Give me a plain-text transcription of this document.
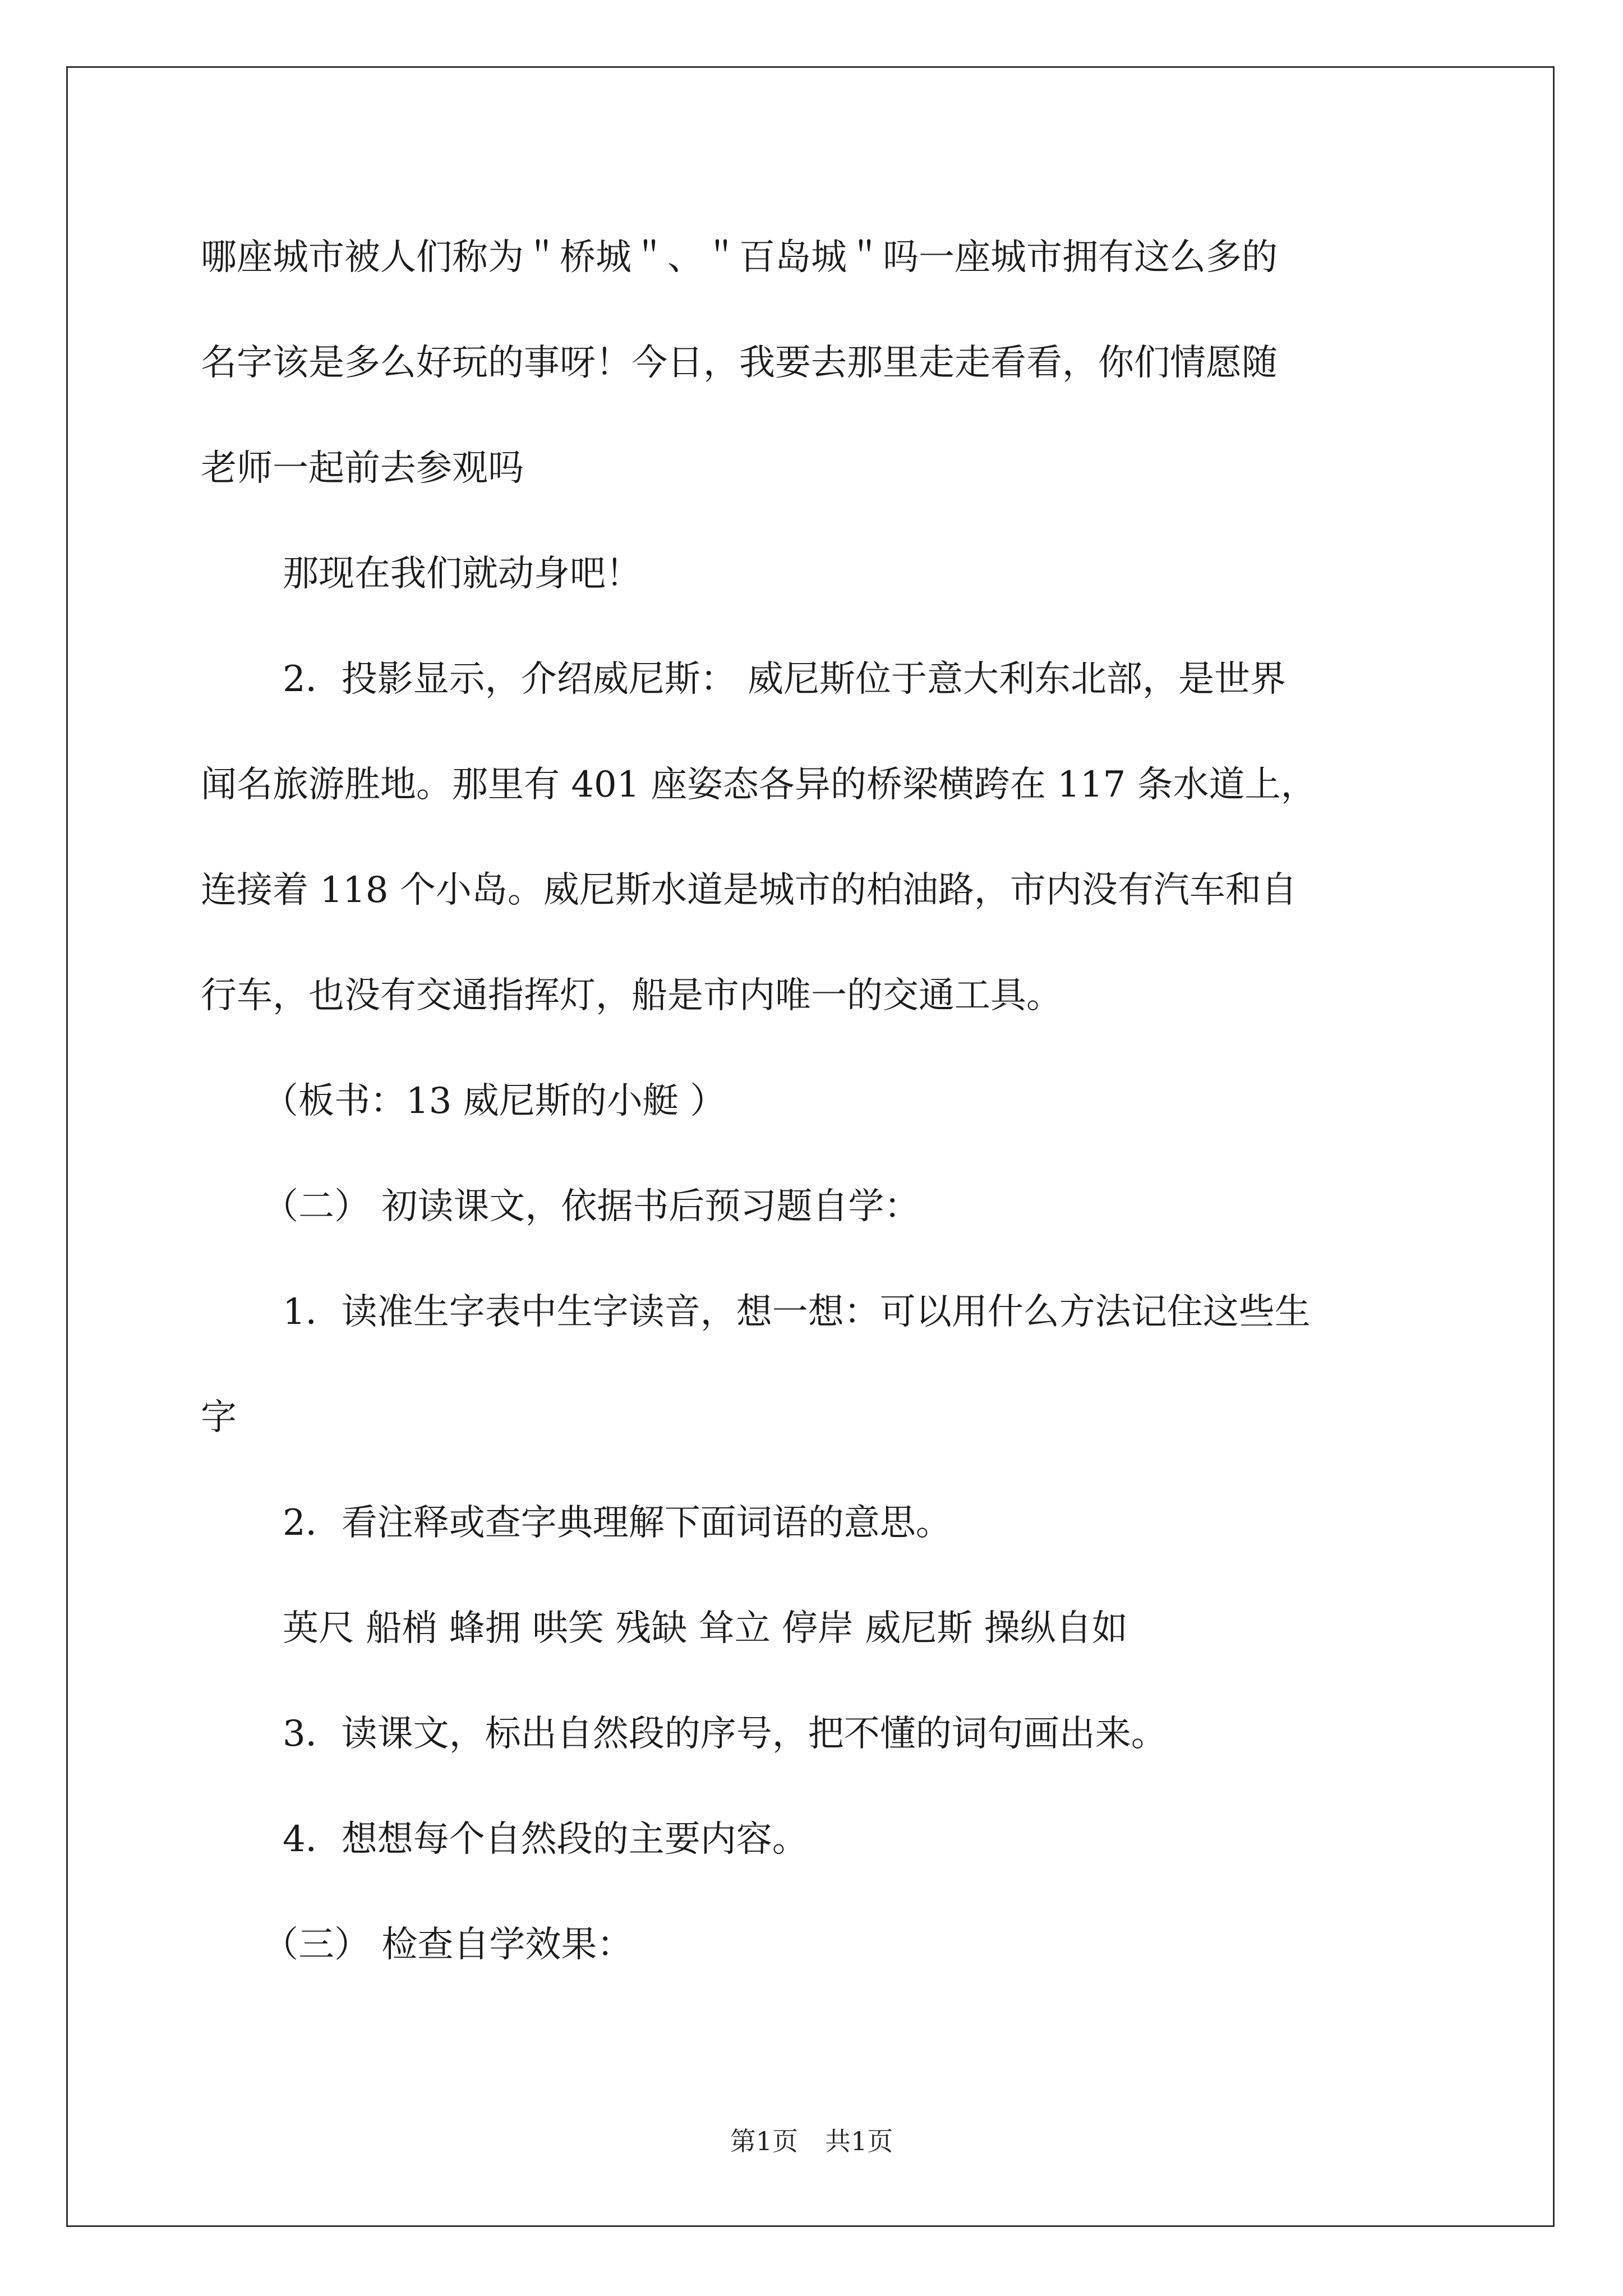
哪座城市被人们称为＂桥城＂、＂百岛城＂吗一座城市拥有这么多的

名字该是多么好玩的事呀！今日，我要去那里走走看看，你们情愿随

老师一起前去参观吗

那现在我们就动身吧！

2．投影显示，介绍威尼斯： 威尼斯位于意大利东北部，是世界

闻名旅游胜地。那里有 401 座姿态各异的桥梁横跨在 117 条水道上，

连接着 118 个小岛。威尼斯水道是城市的柏油路，市内没有汽车和自

行车，也没有交通指挥灯，船是市内唯一的交通工具。

（板书：13 威尼斯的小艇 ）

（二） 初读课文，依据书后预习题自学：

1．读准生字表中生字读音，想一想：可以用什么方法记住这些生

字

2．看注释或查字典理解下面词语的意思。

英尺 船梢 蜂拥 哄笑 残缺 耸立 停岸 威尼斯 操纵自如

3．读课文，标出自然段的序号，把不懂的词句画出来。

4．想想每个自然段的主要内容。

（三） 检查自学效果：

第1页 共1页
